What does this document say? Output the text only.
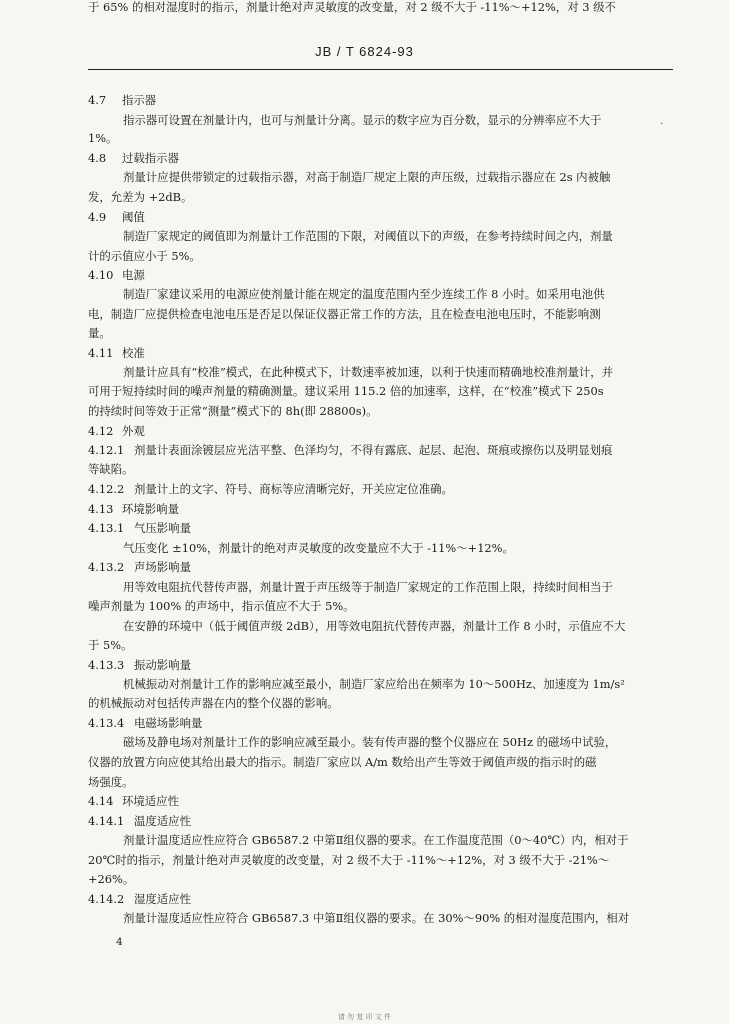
JB / T 6824-93
·
4.7 指示器
指示器可设置在剂量计内，也可与剂量计分离。显示的数字应为百分数，显示的分辨率应不大于
1%。
4.8 过载指示器
剂量计应提供带锁定的过载指示器，对高于制造厂规定上限的声压级，过载指示器应在 2s 内被触
发，允差为 +2dB。
4.9 阈值
制造厂家规定的阈值即为剂量计工作范围的下限，对阈值以下的声级，在参考持续时间之内，剂量
计的示值应小于 5%。
4.10 电源
制造厂家建议采用的电源应使剂量计能在规定的温度范围内至少连续工作 8 小时。如采用电池供
电，制造厂应提供检查电池电压是否足以保证仪器正常工作的方法，且在检查电池电压时，不能影响测
量。
4.11 校准
剂量计应具有“校准”模式，在此种模式下，计数速率被加速，以利于快速而精确地校准剂量计，并
可用于短持续时间的噪声剂量的精确测量。建议采用 115.2 倍的加速率，这样，在“校准”模式下 250s
的持续时间等效于正常“测量”模式下的 8h(即 28800s)。
4.12 外观
4.12.1 剂量计表面涂镀层应光洁平整、色泽均匀，不得有露底、起层、起泡、斑痕或擦伤以及明显划痕
等缺陷。
4.12.2 剂量计上的文字、符号、商标等应清晰完好，开关应定位准确。
4.13 环境影响量
4.13.1 气压影响量
气压变化 ±10%，剂量计的绝对声灵敏度的改变量应不大于 -11%～+12%。
4.13.2 声场影响量
用等效电阻抗代替传声器，剂量计置于声压级等于制造厂家规定的工作范围上限，持续时间相当于
噪声剂量为 100% 的声场中，指示值应不大于 5%。
在安静的环境中（低于阈值声级 2dB），用等效电阻抗代替传声器，剂量计工作 8 小时，示值应不大
于 5%。
4.13.3 振动影响量
机械振动对剂量计工作的影响应减至最小，制造厂家应给出在频率为 10～500Hz、加速度为 1m/s²
的机械振动对包括传声器在内的整个仪器的影响。
4.13.4 电磁场影响量
磁场及静电场对剂量计工作的影响应减至最小。装有传声器的整个仪器应在 50Hz 的磁场中试验，
仪器的放置方向应使其给出最大的指示。制造厂家应以 A/m 数给出产生等效于阈值声级的指示时的磁
场强度。
4.14 环境适应性
4.14.1 温度适应性
剂量计温度适应性应符合 GB6587.2 中第Ⅱ组仪器的要求。在工作温度范围（0～40℃）内，相对于
20℃时的指示，剂量计绝对声灵敏度的改变量，对 2 级不大于 -11%～+12%，对 3 级不大于 -21%～
+26%。
4.14.2 湿度适应性
剂量计湿度适应性应符合 GB6587.3 中第Ⅱ组仪器的要求。在 30%～90% 的相对湿度范围内，相对
于 65% 的相对湿度时的指示，剂量计绝对声灵敏度的改变量，对 2 级不大于 -11%～+12%，对 3 级不
4
请 勿 复 印 文 件
